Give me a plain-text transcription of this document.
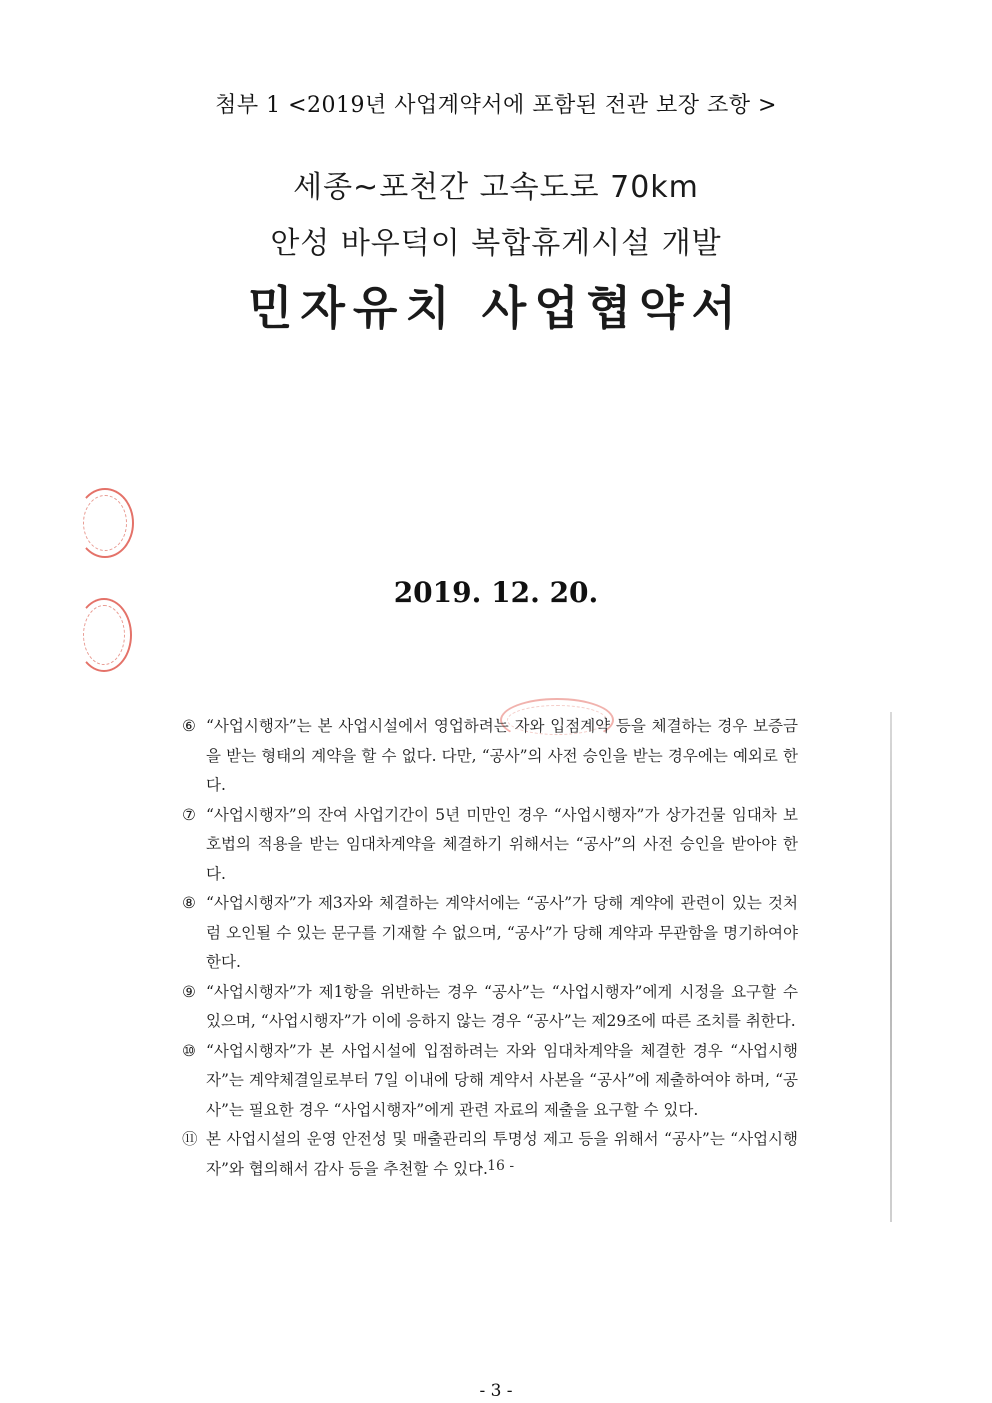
첨부 1 <2019년 사업계약서에 포함된 전관 보장 조항 >
세종~포천간 고속도로 70km
안성 바우덕이 복합휴게시설 개발
민자유치 사업협약서
2019. 12. 20.
⑥ “사업시행자”는 본 사업시설에서 영업하려는 자와 입점계약 등을 체결하는 경우 보증금을 받는 형태의 계약을 할 수 없다. 다만, “공사”의 사전 승인을 받는 경우에는 예외로 한다.
⑦ “사업시행자”의 잔여 사업기간이 5년 미만인 경우 “사업시행자”가 상가건물 임대차 보호법의 적용을 받는 임대차계약을 체결하기 위해서는 “공사”의 사전 승인을 받아야 한다.
⑧ “사업시행자”가 제3자와 체결하는 계약서에는 “공사”가 당해 계약에 관련이 있는 것처럼 오인될 수 있는 문구를 기재할 수 없으며, “공사”가 당해 계약과 무관함을 명기하여야 한다.
⑨ “사업시행자”가 제1항을 위반하는 경우 “공사”는 “사업시행자”에게 시정을 요구할 수 있으며, “사업시행자”가 이에 응하지 않는 경우 “공사”는 제29조에 따른 조치를 취한다.
⑩ “사업시행자”가 본 사업시설에 입점하려는 자와 임대차계약을 체결한 경우 “사업시행자”는 계약체결일로부터 7일 이내에 당해 계약서 사본을 “공사”에 제출하여야 하며, “공사”는 필요한 경우 “사업시행자”에게 관련 자료의 제출을 요구할 수 있다.
⑪ 본 사업시설의 운영 안전성 및 매출관리의 투명성 제고 등을 위해서 “공사”는 “사업시행자”와 협의해서 감사 등을 추천할 수 있다.
- 16 -
- 3 -
